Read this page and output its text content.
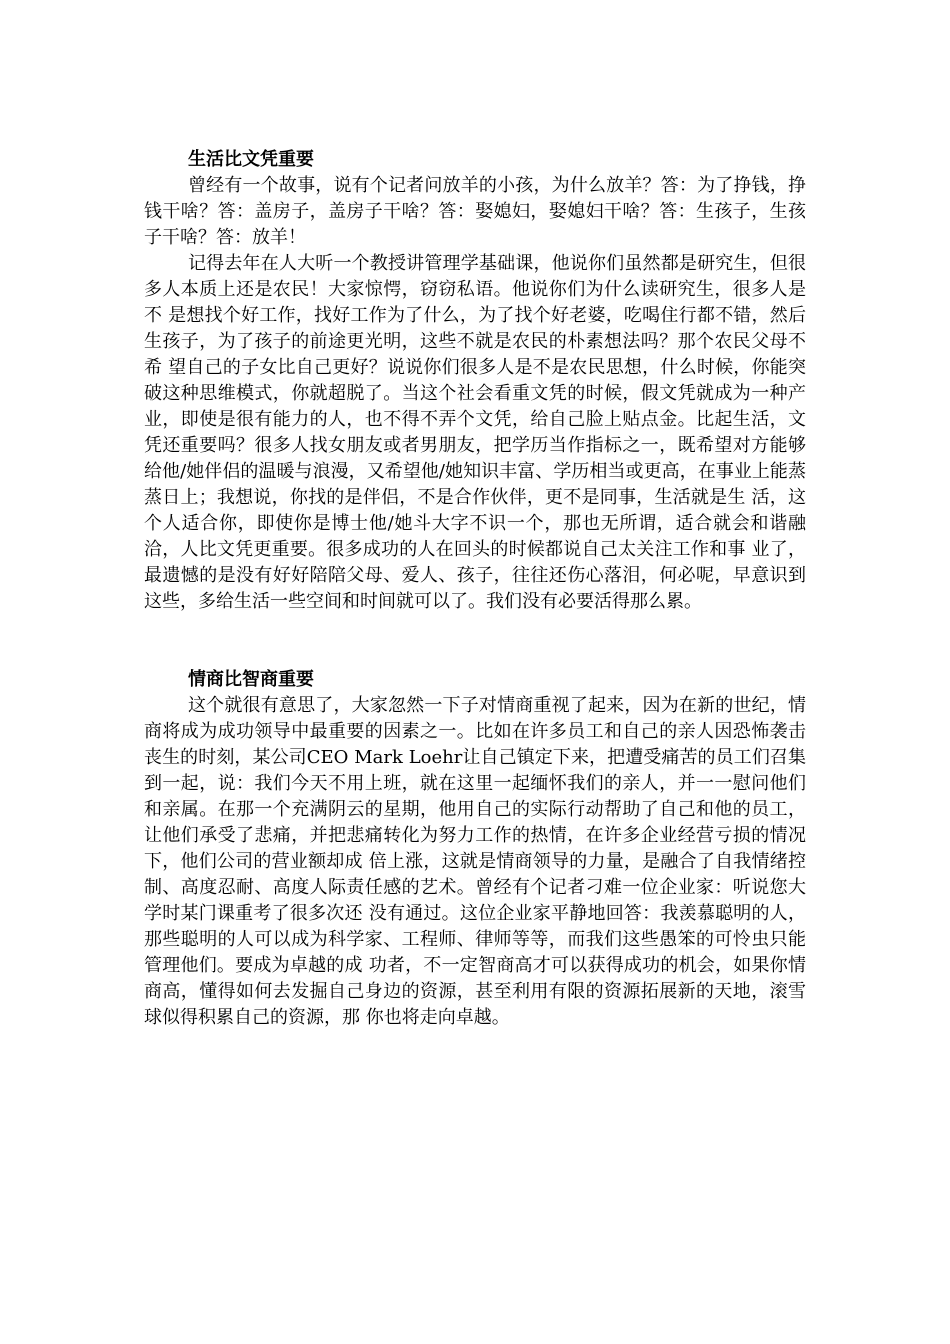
生活比文凭重要

曾经有一个故事，说有个记者问放羊的小孩，为什么放羊？答：为了挣钱，挣钱干啥？答：盖房子，盖房子干啥？答：娶媳妇，娶媳妇干啥？答：生孩子，生孩子干啥？答：放羊！

记得去年在人大听一个教授讲管理学基础课，他说你们虽然都是研究生，但很多人本质上还是农民！大家惊愕，窃窃私语。他说你们为什么读研究生，很多人是不 是想找个好工作，找好工作为了什么，为了找个好老婆，吃喝住行都不错，然后生孩子，为了孩子的前途更光明，这些不就是农民的朴素想法吗？那个农民父母不希 望自己的子女比自己更好？说说你们很多人是不是农民思想，什么时候，你能突破这种思维模式，你就超脱了。当这个社会看重文凭的时候，假文凭就成为一种产 业，即使是很有能力的人，也不得不弄个文凭，给自己脸上贴点金。比起生活，文凭还重要吗？很多人找女朋友或者男朋友，把学历当作指标之一，既希望对方能够 给他/她伴侣的温暖与浪漫，又希望他/她知识丰富、学历相当或更高，在事业上能蒸蒸日上；我想说，你找的是伴侣，不是合作伙伴，更不是同事，生活就是生 活，这个人适合你，即使你是博士他/她斗大字不识一个，那也无所谓，适合就会和谐融洽，人比文凭更重要。很多成功的人在回头的时候都说自己太关注工作和事 业了，最遗憾的是没有好好陪陪父母、爱人、孩子，往往还伤心落泪，何必呢，早意识到这些，多给生活一些空间和时间就可以了。我们没有必要活得那么累。

情商比智商重要

这个就很有意思了，大家忽然一下子对情商重视了起来，因为在新的世纪，情商将成为成功领导中最重要的因素之一。比如在许多员工和自己的亲人因恐怖袭击丧生的时刻，某公司CEO Mark Loehr让自己镇定下来，把遭受痛苦的员工们召集到一起，说：我们今天不用上班，就在这里一起缅怀我们的亲人，并一一慰问他们和亲属。在那一个充满阴云的星期，他用自己的实际行动帮助了自己和他的员工，让他们承受了悲痛，并把悲痛转化为努力工作的热情，在许多企业经营亏损的情况下，他们公司的营业额却成 倍上涨，这就是情商领导的力量，是融合了自我情绪控制、高度忍耐、高度人际责任感的艺术。曾经有个记者刁难一位企业家：听说您大学时某门课重考了很多次还 没有通过。这位企业家平静地回答：我羡慕聪明的人，那些聪明的人可以成为科学家、工程师、律师等等，而我们这些愚笨的可怜虫只能管理他们。要成为卓越的成 功者，不一定智商高才可以获得成功的机会，如果你情商高，懂得如何去发掘自己身边的资源，甚至利用有限的资源拓展新的天地，滚雪球似得积累自己的资源，那 你也将走向卓越。
